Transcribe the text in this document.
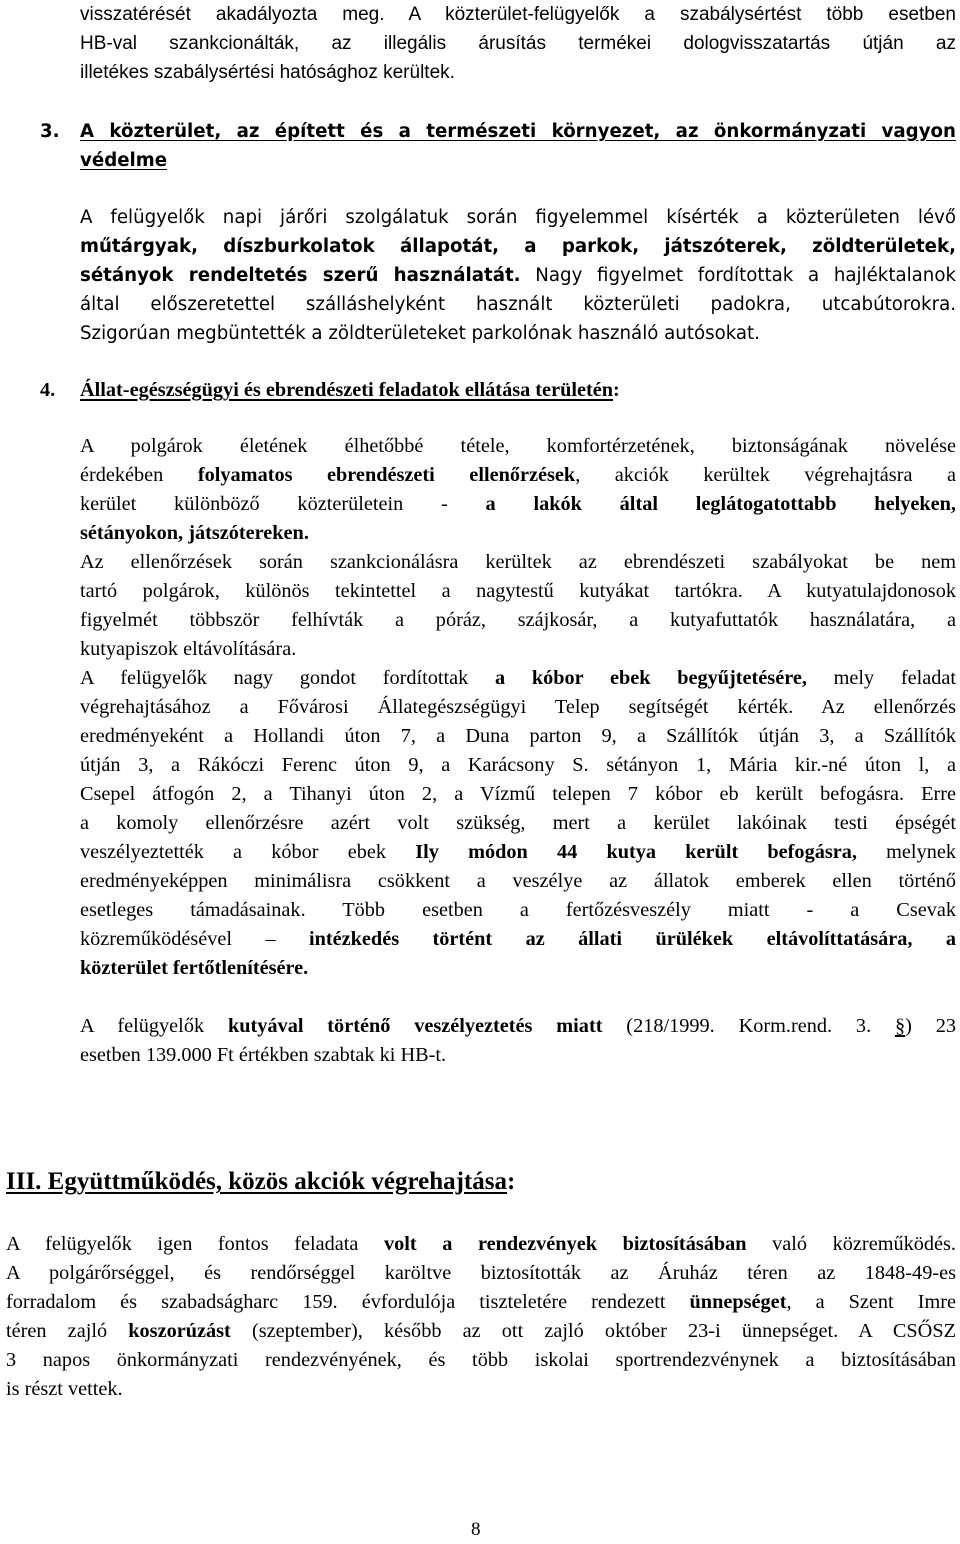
visszatérését akadályozta meg. A közterület-felügyelők a szabálysértést több esetben
HB-val szankcionálták, az illegális árusítás termékei dologvisszatartás útján az
illetékes szabálysértési hatósághoz kerültek.
3. A közterület, az épített és a természeti környezet, az önkormányzati vagyon
védelme
A felügyelők napi járőri szolgálatuk során figyelemmel kísérték a közterületen lévő
műtárgyak, díszburkolatok állapotát, a parkok, játszóterek, zöldterületek,
sétányok rendeltetés szerű használatát. Nagy figyelmet fordítottak a hajléktalanok
által előszeretettel szálláshelyként használt közterületi padokra, utcabútorokra.
Szigorúan megbüntették a zöldterületeket parkolónak használó autósokat.
4. Állat-egészségügyi és ebrendészeti feladatok ellátása területén:
A polgárok életének élhetőbbé tétele, komfortérzetének, biztonságának növelése
érdekében folyamatos ebrendészeti ellenőrzések, akciók kerültek végrehajtásra a
kerület különböző közterületein - a lakók által leglátogatottabb helyeken,
sétányokon, játszótereken.
Az ellenőrzések során szankcionálásra kerültek az ebrendészeti szabályokat be nem
tartó polgárok, különös tekintettel a nagytestű kutyákat tartókra. A kutyatulajdonosok
figyelmét többször felhívták a póráz, szájkosár, a kutyafuttatók használatára, a
kutyapiszok eltávolítására.
A felügyelők nagy gondot fordítottak a kóbor ebek begyűjtetésére, mely feladat
végrehajtásához a Fővárosi Állategészségügyi Telep segítségét kérték. Az ellenőrzés
eredményeként a Hollandi úton 7, a Duna parton 9, a Szállítók útján 3, a Szállítók
útján 3, a Rákóczi Ferenc úton 9, a Karácsony S. sétányon 1, Mária kir.-né úton l, a
Csepel átfogón 2, a Tihanyi úton 2, a Vízmű telepen 7 kóbor eb került befogásra. Erre
a komoly ellenőrzésre azért volt szükség, mert a kerület lakóinak testi épségét
veszélyeztették a kóbor ebek Ily módon 44 kutya került befogásra, melynek
eredményeképpen minimálisra csökkent a veszélye az állatok emberek ellen történő
esetleges támadásainak. Több esetben a fertőzésveszély miatt - a Csevak
közreműködésével – intézkedés történt az állati ürülékek eltávolíttatására, a
közterület fertőtlenítésére.
A felügyelők kutyával történő veszélyeztetés miatt (218/1999. Korm.rend. 3. §) 23
esetben 139.000 Ft értékben szabtak ki HB-t.
III. Együttműködés, közös akciók végrehajtása:
A felügyelők igen fontos feladata volt a rendezvények biztosításában való közreműködés.
A polgárőrséggel, és rendőrséggel karöltve biztosították az Áruház téren az 1848-49-es
forradalom és szabadságharc 159. évfordulója tiszteletére rendezett ünnepséget, a Szent Imre
téren zajló koszorúzást (szeptember), később az ott zajló október 23-i ünnepséget. A CSŐSZ
3 napos önkormányzati rendezvényének, és több iskolai sportrendezvénynek a biztosításában
is részt vettek.
8
